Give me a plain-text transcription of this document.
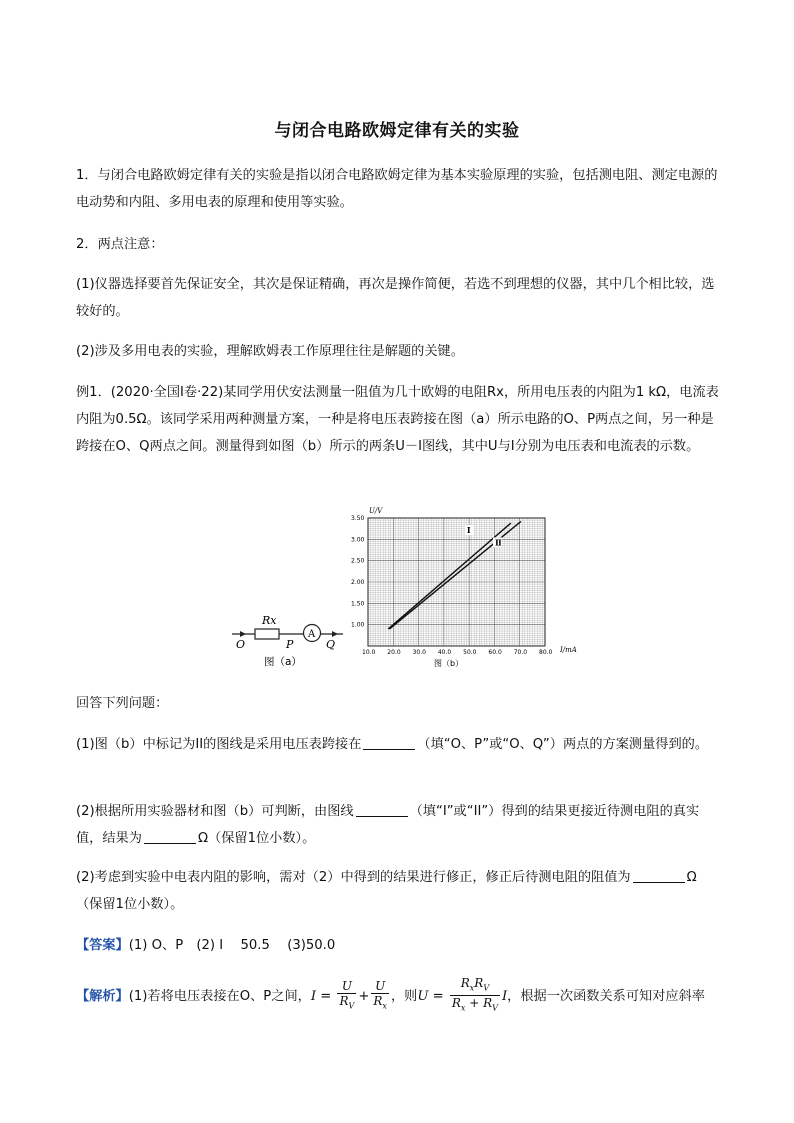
与闭合电路欧姆定律有关的实验
1．与闭合电路欧姆定律有关的实验是指以闭合电路欧姆定律为基本实验原理的实验，包括测电阻、测定电源的电动势和内阻、多用电表的原理和使用等实验。
2．两点注意：
(1)仪器选择要首先保证安全，其次是保证精确，再次是操作简便，若选不到理想的仪器，其中几个相比较，选较好的。
(2)涉及多用电表的实验，理解欧姆表工作原理往往是解题的关键。
例1．(2020·全国Ⅰ卷·22)某同学用伏安法测量一阻值为几十欧姆的电阻Rx，所用电压表的内阻为1 kΩ，电流表内阻为0.5Ω。该同学采用两种测量方案，一种是将电压表跨接在图（a）所示电路的O、P两点之间，另一种是跨接在O、Q两点之间。测量得到如图（b）所示的两条U－I图线，其中U与I分别为电压表和电流表的示数。
Rx
A
O	P	Q
图（a）
10.0 20.0 30.0 40.0 50.0 60.0 70.0 80.0
1.00
1.50
2.00
2.50
3.00
3.50
Ⅰ
Ⅱ
U/V
I/mA
图（b）
回答下列问题：
(1)图（b）中标记为II的图线是采用电压表跨接在	（填“O、P”或“O、Q”）两点的方案测量得到的。
(2)根据所用实验器材和图（b）可判断，由图线	（填“I”或“II”）得到的结果更接近待测电阻的真实值，结果为	Ω（保留1位小数）。
(2)考虑到实验中电表内阻的影响，需对（2）中得到的结果进行修正，修正后待测电阻的阻值为	Ω（保留1位小数）。
【答案】(1) O、P　(2) I　 50.5　 (3)50.0
【解析】(1)若将电压表接在O、P之间，$I = \frac{U}{R_V} + \frac{U}{R_x}$ ，则$U = \frac{R_xR_V}{R_x + R_V}$ I，根据一次函数关系可知对应斜率
